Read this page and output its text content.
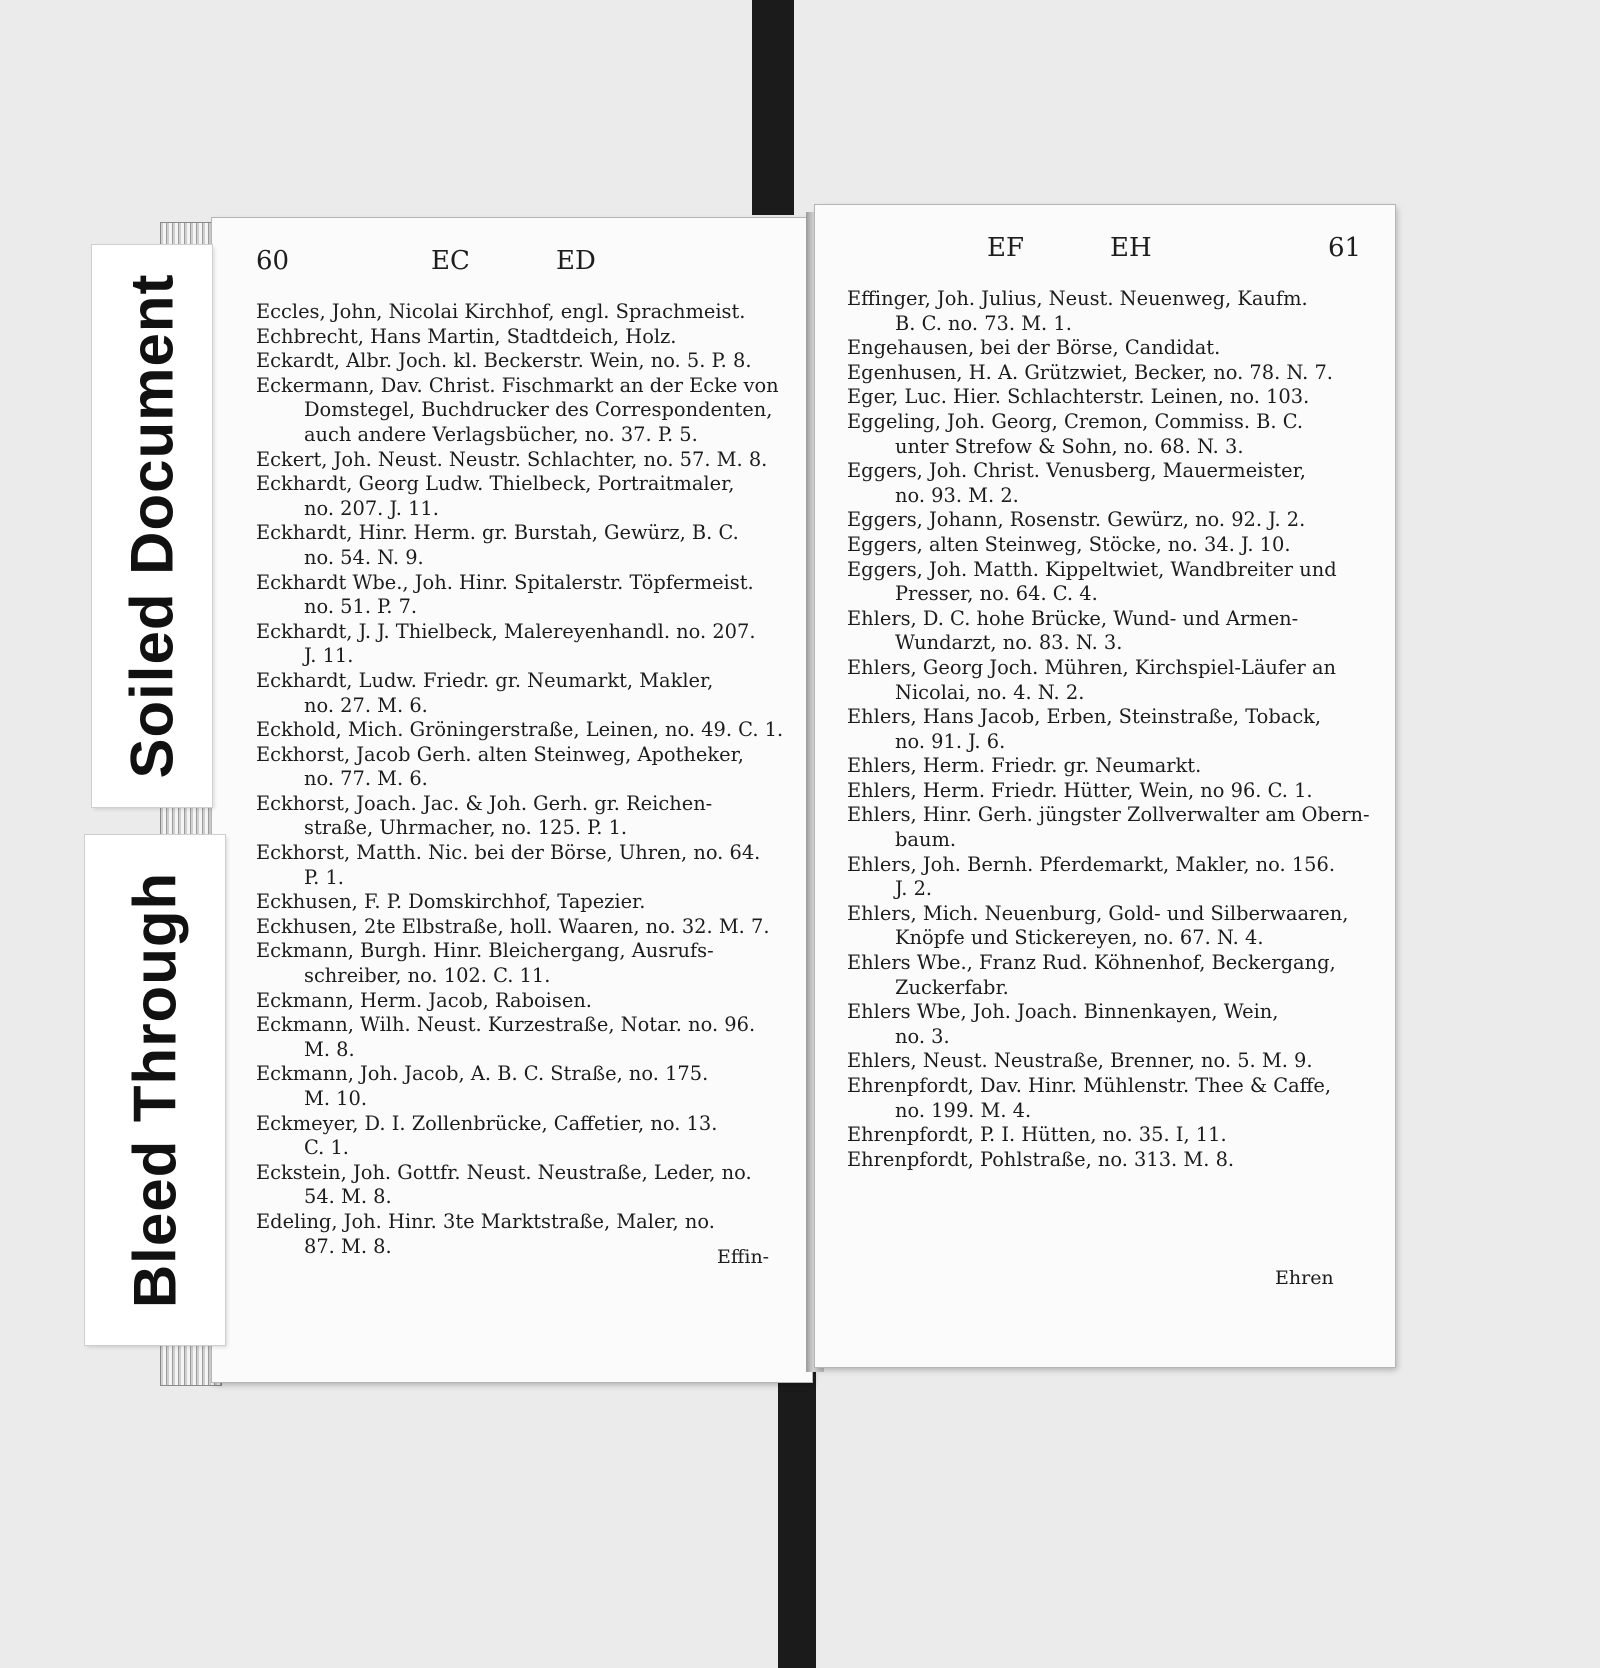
60	EC	ED
Eccles, John, Nicolai Kirchhof, engl. Sprachmeist.
Echbrecht, Hans Martin, Stadtdeich, Holz.
Eckardt, Albr. Joch. kl. Beckerstr. Wein, no. 5. P. 8.
Eckermann, Dav. Christ. Fischmarkt an der Ecke von
Domstegel, Buchdrucker des Correspondenten,
auch andere Verlagsbücher, no. 37. P. 5.
Eckert, Joh. Neust. Neustr. Schlachter, no. 57. M. 8.
Eckhardt, Georg Ludw. Thielbeck, Portraitmaler,
no. 207. J. 11.
Eckhardt, Hinr. Herm. gr. Burstah, Gewürz, B. C.
no. 54. N. 9.
Eckhardt Wbe., Joh. Hinr. Spitalerstr. Töpfermeist.
no. 51. P. 7.
Eckhardt, J. J. Thielbeck, Malereyenhandl. no. 207.
J. 11.
Eckhardt, Ludw. Friedr. gr. Neumarkt, Makler,
no. 27. M. 6.
Eckhold, Mich. Gröningerstraße, Leinen, no. 49. C. 1.
Eckhorst, Jacob Gerh. alten Steinweg, Apotheker,
no. 77. M. 6.
Eckhorst, Joach. Jac. & Joh. Gerh. gr. Reichen-
straße, Uhrmacher, no. 125. P. 1.
Eckhorst, Matth. Nic. bei der Börse, Uhren, no. 64.
P. 1.
Eckhusen, F. P. Domskirchhof, Tapezier.
Eckhusen, 2te Elbstraße, holl. Waaren, no. 32. M. 7.
Eckmann, Burgh. Hinr. Bleichergang, Ausrufs-
schreiber, no. 102. C. 11.
Eckmann, Herm. Jacob, Raboisen.
Eckmann, Wilh. Neust. Kurzestraße, Notar. no. 96.
M. 8.
Eckmann, Joh. Jacob, A. B. C. Straße, no. 175.
M. 10.
Eckmeyer, D. I. Zollenbrücke, Caffetier, no. 13.
C. 1.
Eckstein, Joh. Gottfr. Neust. Neustraße, Leder, no.
54. M. 8.
Edeling, Joh. Hinr. 3te Marktstraße, Maler, no.
87. M. 8.	Effin-
EF	EH	61
Effinger, Joh. Julius, Neust. Neuenweg, Kaufm.
B. C. no. 73. M. 1.
Engehausen, bei der Börse, Candidat.
Egenhusen, H. A. Grützwiet, Becker, no. 78. N. 7.
Eger, Luc. Hier. Schlachterstr. Leinen, no. 103.
Eggeling, Joh. Georg, Cremon, Commiss. B. C.
unter Strefow & Sohn, no. 68. N. 3.
Eggers, Joh. Christ. Venusberg, Mauermeister,
no. 93. M. 2.
Eggers, Johann, Rosenstr. Gewürz, no. 92. J. 2.
Eggers, alten Steinweg, Stöcke, no. 34. J. 10.
Eggers, Joh. Matth. Kippeltwiet, Wandbreiter und
Presser, no. 64. C. 4.
Ehlers, D. C. hohe Brücke, Wund- und Armen-
Wundarzt, no. 83. N. 3.
Ehlers, Georg Joch. Mühren, Kirchspiel-Läufer an
Nicolai, no. 4. N. 2.
Ehlers, Hans Jacob, Erben, Steinstraße, Toback,
no. 91. J. 6.
Ehlers, Herm. Friedr. gr. Neumarkt.
Ehlers, Herm. Friedr. Hütter, Wein, no 96. C. 1.
Ehlers, Hinr. Gerh. jüngster Zollverwalter am Obern-
baum.
Ehlers, Joh. Bernh. Pferdemarkt, Makler, no. 156.
J. 2.
Ehlers, Mich. Neuenburg, Gold- und Silberwaaren,
Knöpfe und Stickereyen, no. 67. N. 4.
Ehlers Wbe., Franz Rud. Köhnenhof, Beckergang,
Zuckerfabr.
Ehlers Wbe, Joh. Joach. Binnenkayen, Wein,
no. 3.
Ehlers, Neust. Neustraße, Brenner, no. 5. M. 9.
Ehrenpfordt, Dav. Hinr. Mühlenstr. Thee & Caffe,
no. 199. M. 4.
Ehrenpfordt, P. I. Hütten, no. 35. I, 11.
Ehrenpfordt, Pohlstraße, no. 313. M. 8.
Ehren
Soiled Document
Bleed Through
